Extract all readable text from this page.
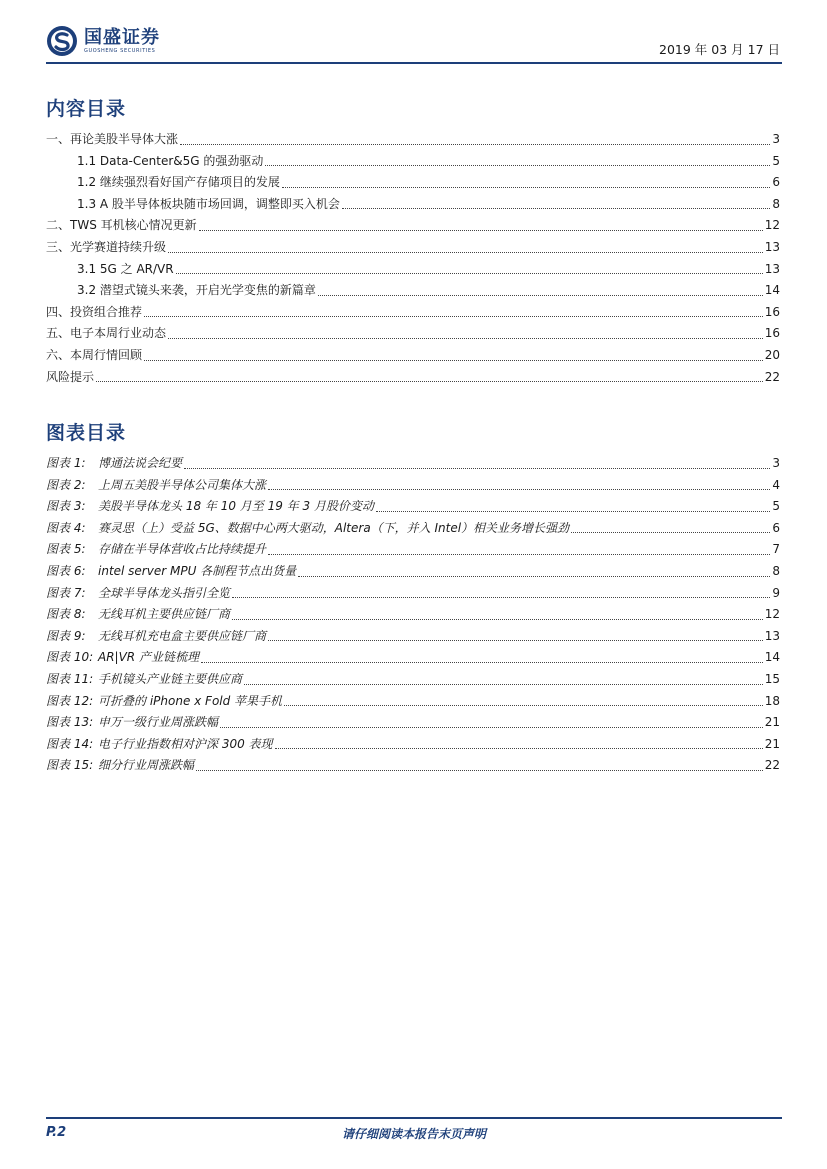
国盛证券
GUOSHENG SECURITIES	2019 年 03 月 17 日
内容目录
一、再论美股半导体大涨	3
1.1 Data-Center&5G 的强劲驱动	5
1.2 继续强烈看好国产存储项目的发展	6
1.3 A 股半导体板块随市场回调，调整即买入机会	8
二、TWS 耳机核心情况更新	12
三、光学赛道持续升级	13
3.1 5G 之 AR/VR	13
3.2 潜望式镜头来袭，开启光学变焦的新篇章	14
四、投资组合推荐	16
五、电子本周行业动态	16
六、本周行情回顾	20
风险提示	22
图表目录
图表 1: 博通法说会纪要	3
图表 2: 上周五美股半导体公司集体大涨	4
图表 3: 美股半导体龙头 18 年 10 月至 19 年 3 月股价变动	5
图表 4: 赛灵思（上）受益 5G、数据中心两大驱动，Altera（下，并入 Intel）相关业务增长强劲	6
图表 5: 存储在半导体营收占比持续提升	7
图表 6: intel server MPU 各制程节点出货量	8
图表 7: 全球半导体龙头指引全览	9
图表 8: 无线耳机主要供应链厂商	12
图表 9: 无线耳机充电盒主要供应链厂商	13
图表 10: AR|VR 产业链梳理	14
图表 11: 手机镜头产业链主要供应商	15
图表 12: 可折叠的 iPhone x Fold 苹果手机	18
图表 13: 申万一级行业周涨跌幅	21
图表 14: 电子行业指数相对沪深 300 表现	21
图表 15: 细分行业周涨跌幅	22
请仔细阅读本报告末页声明
P.2
